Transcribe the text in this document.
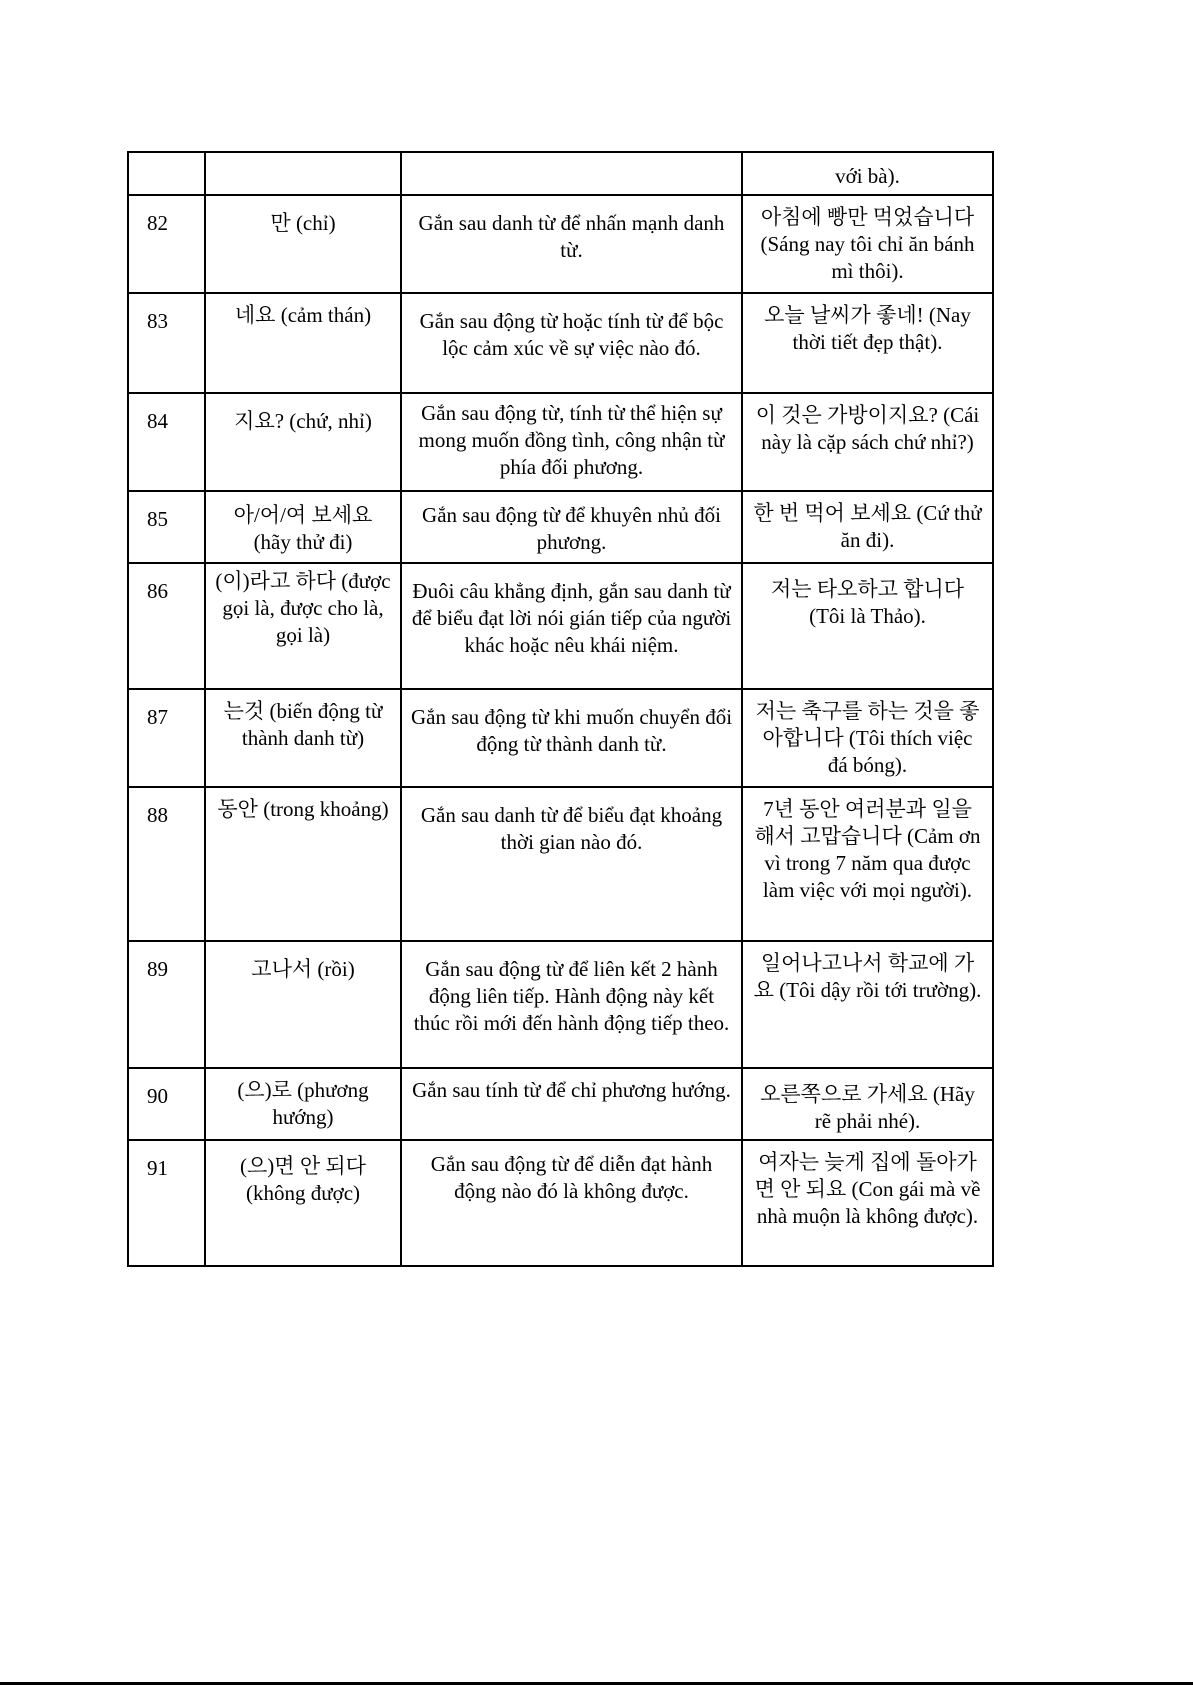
			với bà).
82	만 (chỉ)	Gắn sau danh từ để nhấn mạnh danh từ.	아침에 빵만 먹었습니다 (Sáng nay tôi chỉ ăn bánh mì thôi).
83	네요 (cảm thán)	Gắn sau động từ hoặc tính từ để bộc lộc cảm xúc về sự việc nào đó.	오늘 날씨가 좋네! (Nay thời tiết đẹp thật).
84	지요? (chứ, nhỉ)	Gắn sau động từ, tính từ thể hiện sự mong muốn đồng tình, công nhận từ phía đối phương.	이 것은 가방이지요? (Cái này là cặp sách chứ nhỉ?)
85	아/어/여 보세요 (hãy thử đi)	Gắn sau động từ để khuyên nhủ đối phương.	한 번 먹어 보세요 (Cứ thử ăn đi).
86	(이)라고 하다 (được gọi là, được cho là, gọi là)	Đuôi câu khẳng định, gắn sau danh từ để biểu đạt lời nói gián tiếp của người khác hoặc nêu khái niệm.	저는 타오하고 합니다 (Tôi là Thảo).
87	는것 (biến động từ thành danh từ)	Gắn sau động từ khi muốn chuyển đổi động từ thành danh từ.	저는 축구를 하는 것을 좋아합니다 (Tôi thích việc đá bóng).
88	동안 (trong khoảng)	Gắn sau danh từ để biểu đạt khoảng thời gian nào đó.	7년 동안 여러분과 일을 해서 고맙습니다 (Cảm ơn vì trong 7 năm qua được làm việc với mọi người).
89	고나서 (rồi)	Gắn sau động từ để liên kết 2 hành động liên tiếp. Hành động này kết thúc rồi mới đến hành động tiếp theo.	일어나고나서 학교에 가요 (Tôi dậy rồi tới trường).
90	(으)로 (phương hướng)	Gắn sau tính từ để chỉ phương hướng.	오른쪽으로 가세요 (Hãy rẽ phải nhé).
91	(으)면 안 되다 (không được)	Gắn sau động từ để diễn đạt hành động nào đó là không được.	여자는 늦게 집에 돌아가면 안 되요 (Con gái mà về nhà muộn là không được).
